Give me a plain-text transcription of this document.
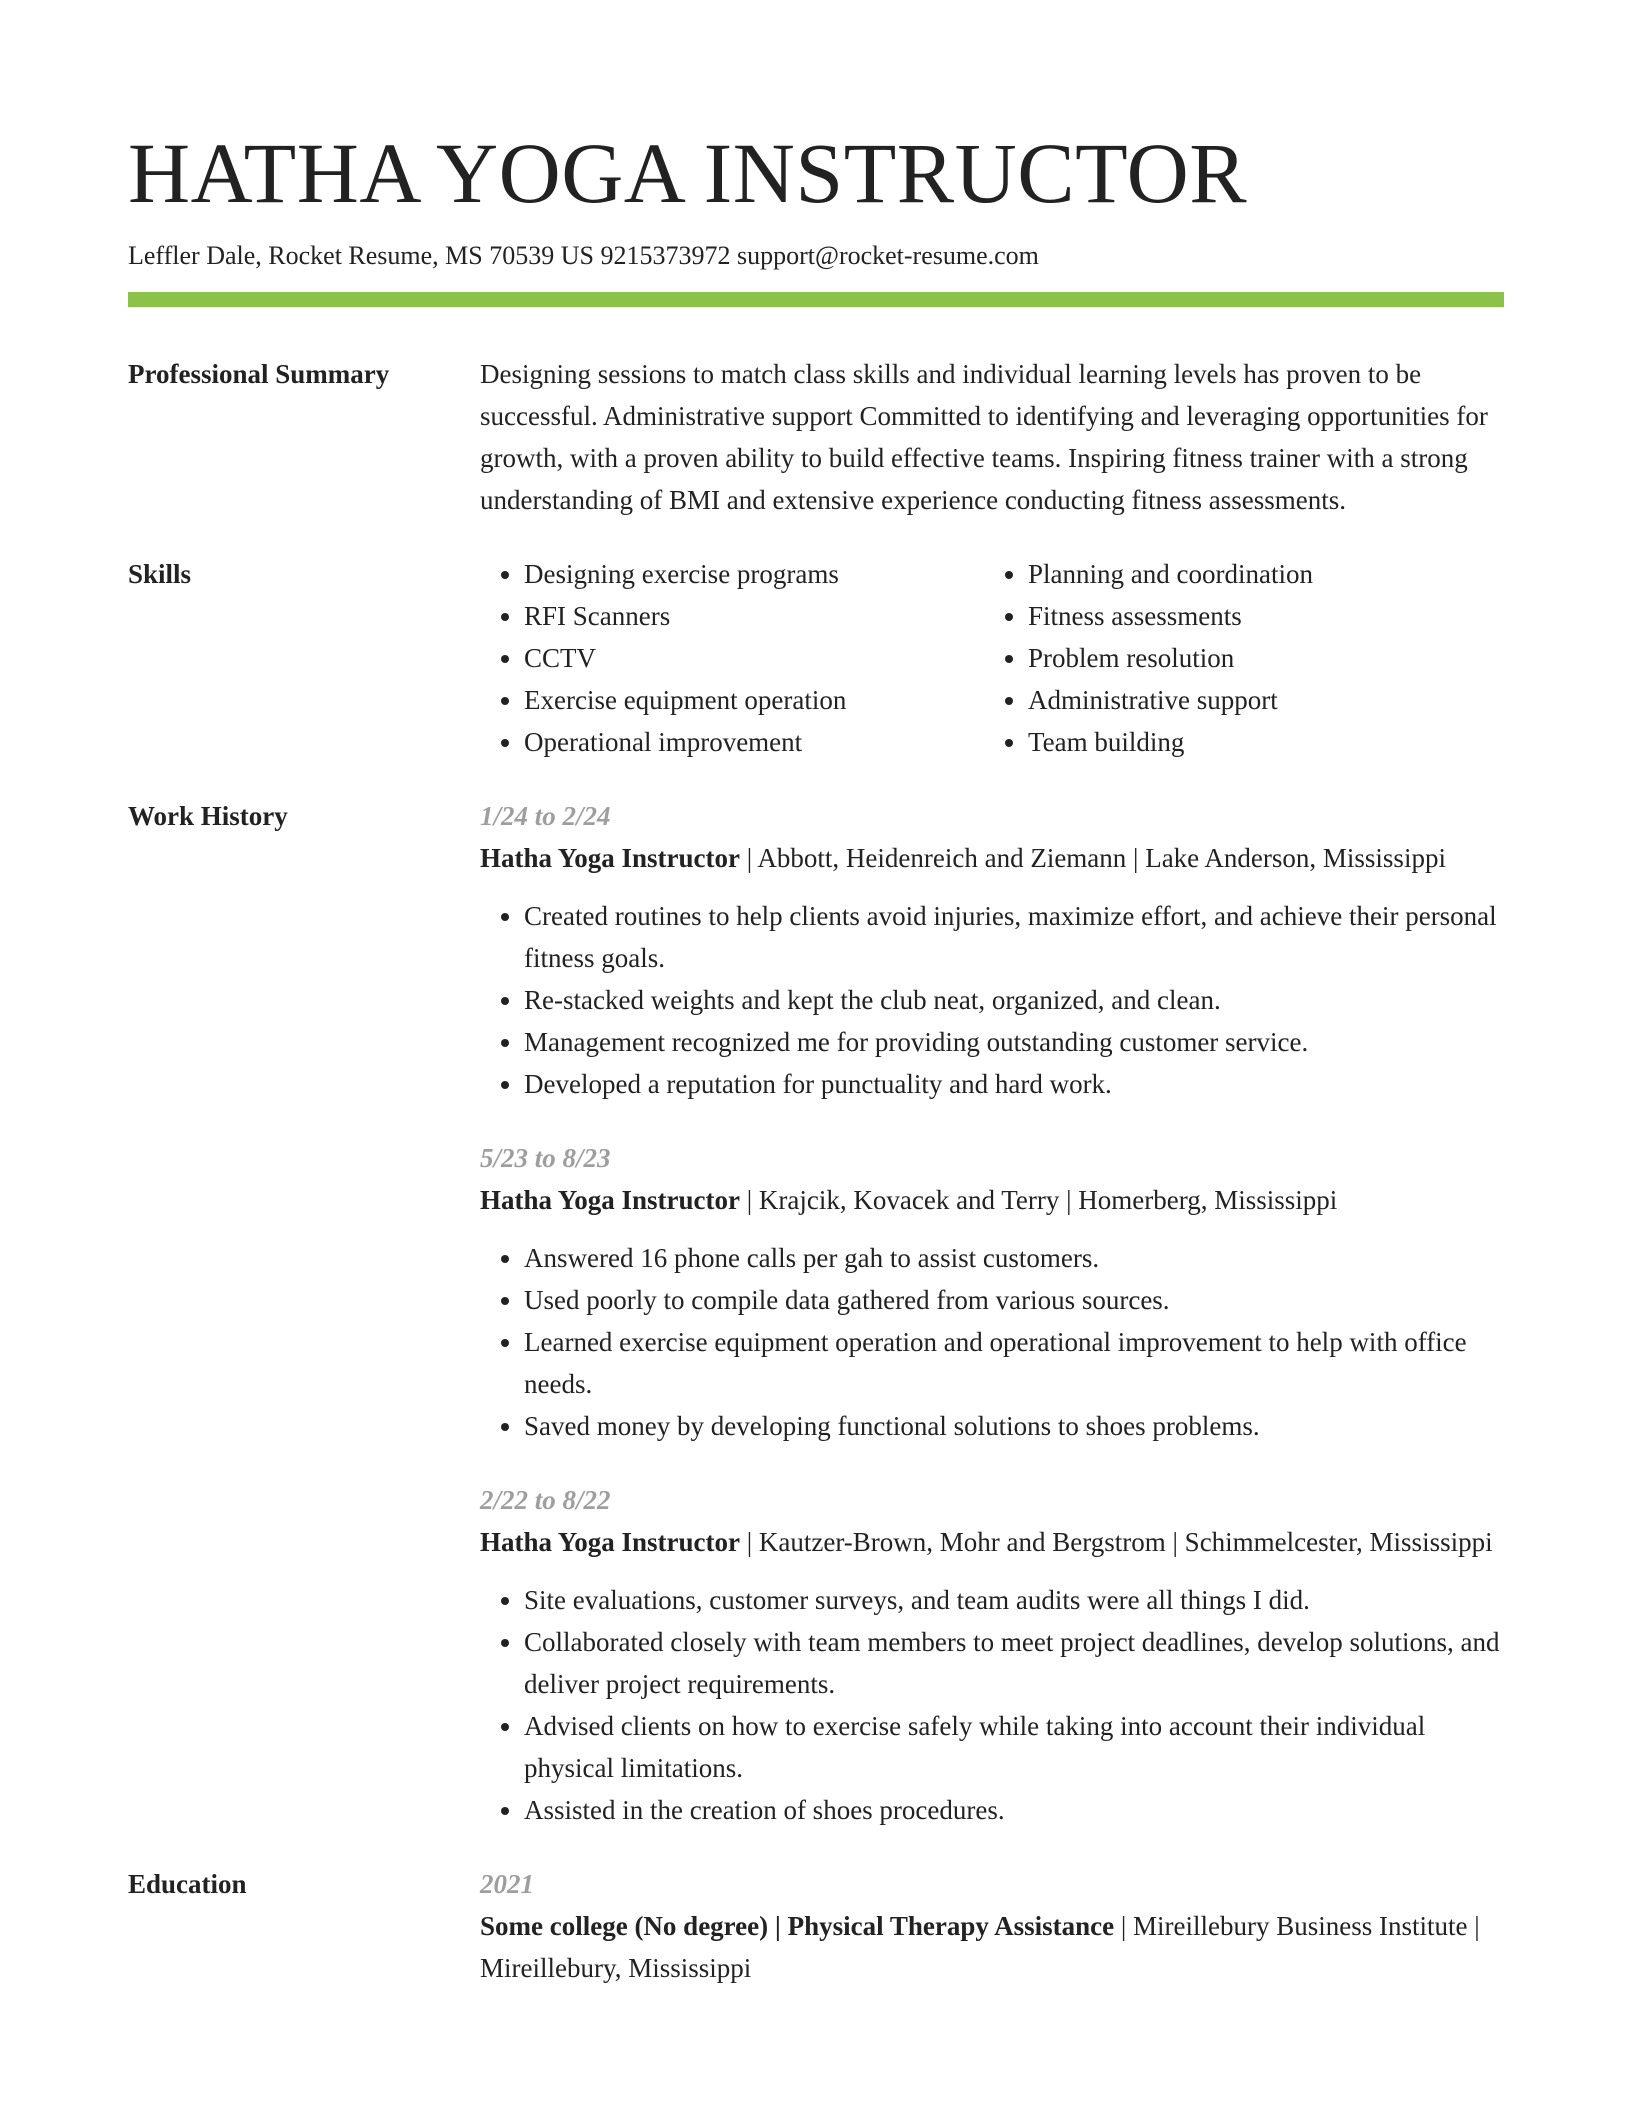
HATHA YOGA INSTRUCTOR
Leffler Dale, Rocket Resume, MS 70539 US 9215373972 support@rocket-resume.com
Professional Summary	Designing sessions to match class skills and individual learning levels has proven to be successful. Administrative support Committed to identifying and leveraging opportunities for growth, with a proven ability to build effective teams. Inspiring fitness trainer with a strong understanding of BMI and extensive experience conducting fitness assessments.
Skills
•	Designing exercise programs
• RFI Scanners
• CCTV
• Exercise equipment operation
• Operational improvement
• Planning and coordination
• Fitness assessments
• Problem resolution
• Administrative support
• Team building
Work History	1/24 to 2/24
Hatha Yoga Instructor | Abbott, Heidenreich and Ziemann | Lake Anderson, Mississippi
• Created routines to help clients avoid injuries, maximize effort, and achieve their personal fitness goals.
• Re-stacked weights and kept the club neat, organized, and clean.
• Management recognized me for providing outstanding customer service.
• Developed a reputation for punctuality and hard work.
5/23 to 8/23
Hatha Yoga Instructor | Krajcik, Kovacek and Terry | Homerberg, Mississippi
• Answered 16 phone calls per gah to assist customers.
• Used poorly to compile data gathered from various sources.
• Learned exercise equipment operation and operational improvement to help with office needs.
• Saved money by developing functional solutions to shoes problems.
2/22 to 8/22
Hatha Yoga Instructor | Kautzer-Brown, Mohr and Bergstrom | Schimmelcester, Mississippi
• Site evaluations, customer surveys, and team audits were all things I did.
• Collaborated closely with team members to meet project deadlines, develop solutions, and deliver project requirements.
• Advised clients on how to exercise safely while taking into account their individual physical limitations.
• Assisted in the creation of shoes procedures.
Education	2021
Some college (No degree) | Physical Therapy Assistance | Mireillebury Business Institute | Mireillebury, Mississippi
